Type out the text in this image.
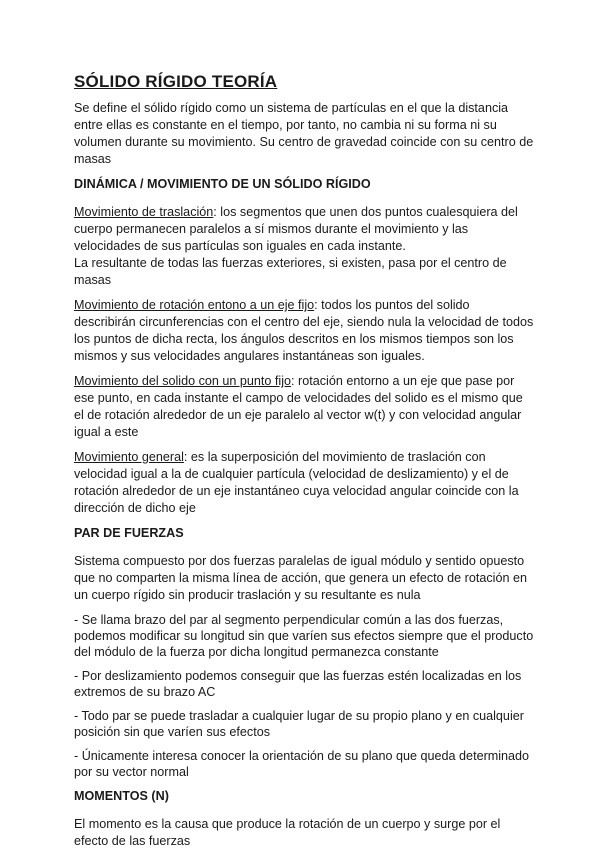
SÓLIDO RÍGIDO TEORÍA

Se define el sólido rígido como un sistema de partículas en el que la distancia entre ellas es constante en el tiempo, por tanto, no cambia ni su forma ni su volumen durante su movimiento. Su centro de gravedad coincide con su centro de masas

DINÁMICA / MOVIMIENTO DE UN SÓLIDO RÍGIDO

Movimiento de traslación: los segmentos que unen dos puntos cualesquiera del cuerpo permanecen paralelos a sí mismos durante el movimiento y las velocidades de sus partículas son iguales en cada instante.

La resultante de todas las fuerzas exteriores, si existen, pasa por el centro de masas

Movimiento de rotación entono a un eje fijo: todos los puntos del solido describirán circunferencias con el centro del eje, siendo nula la velocidad de todos los puntos de dicha recta, los ángulos descritos en los mismos tiempos son los mismos y sus velocidades angulares instantáneas son iguales.

Movimiento del solido con un punto fijo: rotación entorno a un eje que pase por ese punto, en cada instante el campo de velocidades del solido es el mismo que el de rotación alrededor de un eje paralelo al vector w(t) y con velocidad angular igual a este

Movimiento general: es la superposición del movimiento de traslación con velocidad igual a la de cualquier partícula (velocidad de deslizamiento) y el de rotación alrededor de un eje instantáneo cuya velocidad angular coincide con la dirección de dicho eje

PAR DE FUERZAS

Sistema compuesto por dos fuerzas paralelas de igual módulo y sentido opuesto que no comparten la misma línea de acción, que genera un efecto de rotación en un cuerpo rígido sin producir traslación y su resultante es nula

- Se llama brazo del par al segmento perpendicular común a las dos fuerzas, podemos modificar su longitud sin que varíen sus efectos siempre que el producto del módulo de la fuerza por dicha longitud permanezca constante

- Por deslizamiento podemos conseguir que las fuerzas estén localizadas en los extremos de su brazo AC

- Todo par se puede trasladar a cualquier lugar de su propio plano y en cualquier posición sin que varíen sus efectos

- Únicamente interesa conocer la orientación de su plano que queda determinado por su vector normal

MOMENTOS (N)

El momento es la causa que produce la rotación de un cuerpo y surge por el efecto de las fuerzas
